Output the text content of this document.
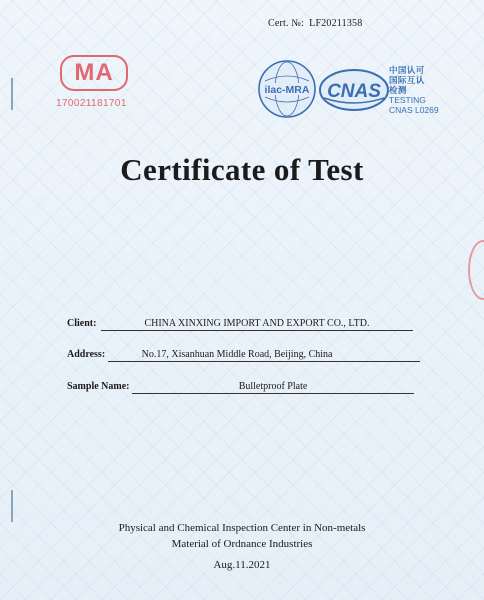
Cert. №: LF20211358
MA
170021181701
ilac-MRA CNAS
中国认可
国际互认
检测
TESTING
CNAS L0269
Certificate of Test
Client:	CHINA XINXING IMPORT AND EXPORT CO., LTD.
Address:	No.17, Xisanhuan Middle Road, Beijing, China
Sample Name:	Bulletproof Plate
Physical and Chemical Inspection Center in Non-metals
Material of Ordnance Industries
Aug.11.2021
